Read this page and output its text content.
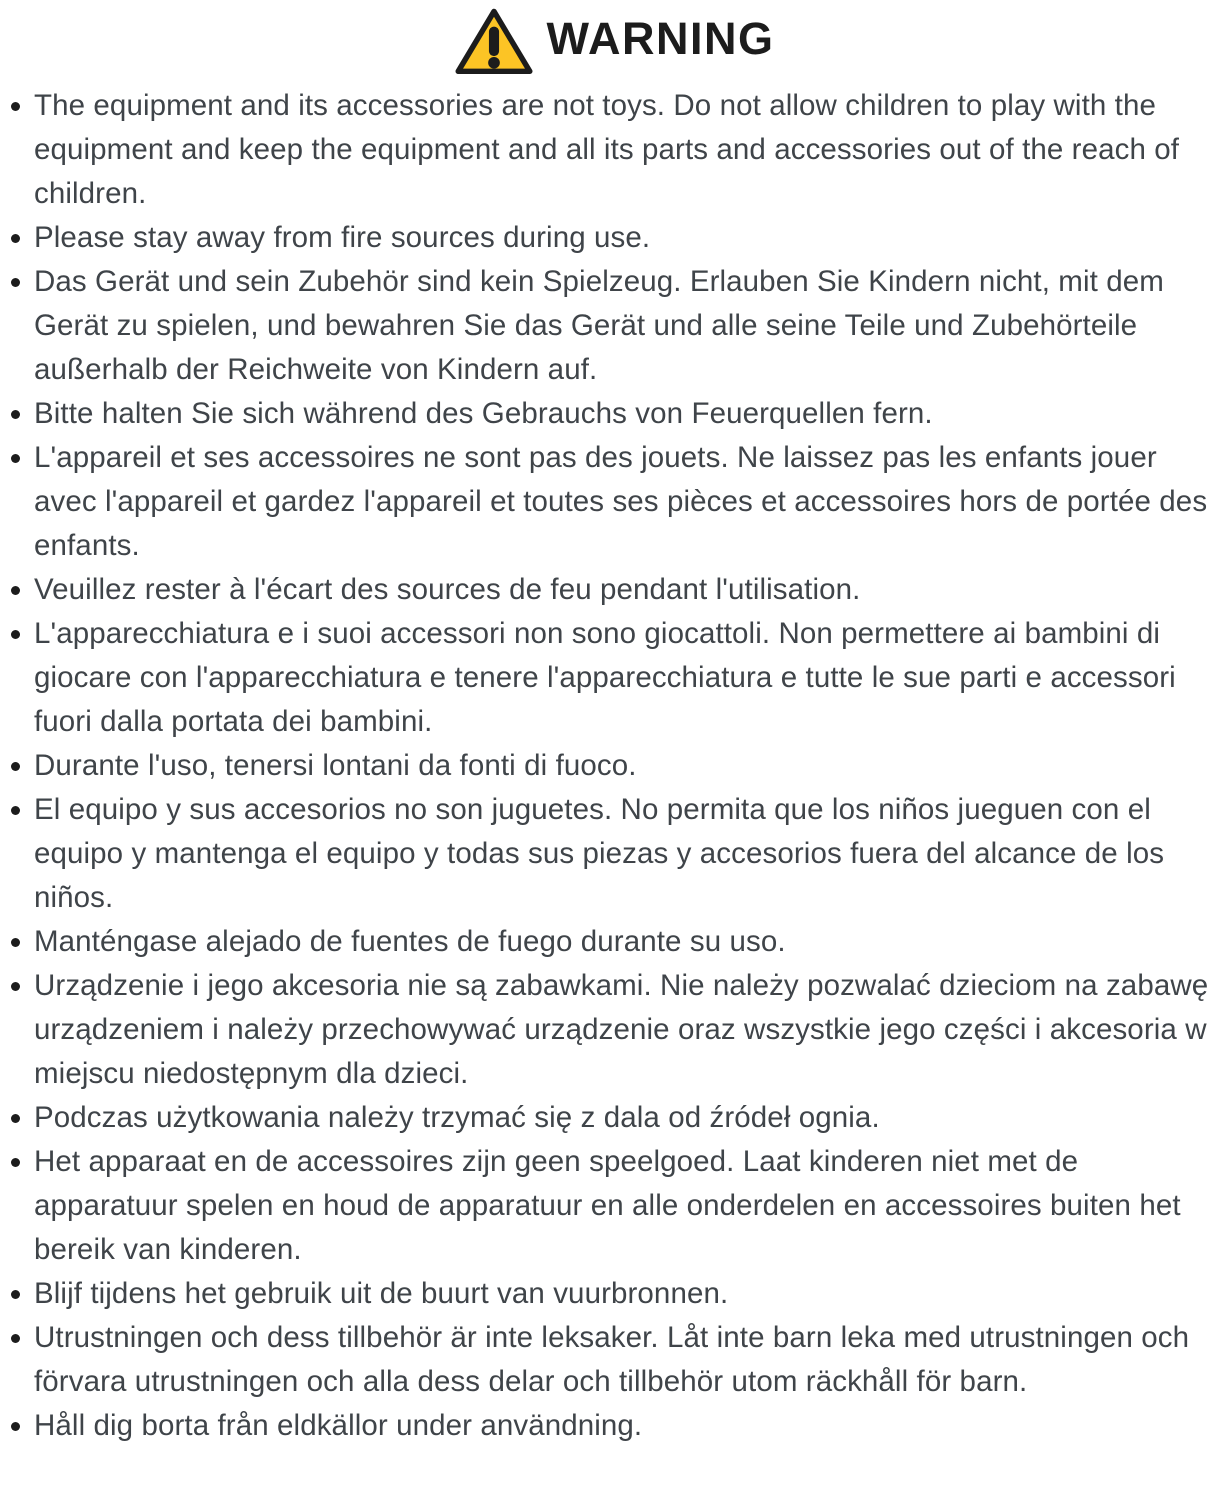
WARNING
The equipment and its accessories are not toys. Do not allow children to play with the equipment and keep the equipment and all its parts and accessories out of the reach of children.
Please stay away from fire sources during use.
Das Gerät und sein Zubehör sind kein Spielzeug. Erlauben Sie Kindern nicht, mit dem Gerät zu spielen, und bewahren Sie das Gerät und alle seine Teile und Zubehörteile außerhalb der Reichweite von Kindern auf.
Bitte halten Sie sich während des Gebrauchs von Feuerquellen fern.
L'appareil et ses accessoires ne sont pas des jouets. Ne laissez pas les enfants jouer avec l'appareil et gardez l'appareil et toutes ses pièces et accessoires hors de portée des enfants.
Veuillez rester à l'écart des sources de feu pendant l'utilisation.
L'apparecchiatura e i suoi accessori non sono giocattoli. Non permettere ai bambini di giocare con l'apparecchiatura e tenere l'apparecchiatura e tutte le sue parti e accessori fuori dalla portata dei bambini.
Durante l'uso, tenersi lontani da fonti di fuoco.
El equipo y sus accesorios no son juguetes. No permita que los niños jueguen con el equipo y mantenga el equipo y todas sus piezas y accesorios fuera del alcance de los niños.
Manténgase alejado de fuentes de fuego durante su uso.
Urządzenie i jego akcesoria nie są zabawkami. Nie należy pozwalać dzieciom na zabawę urządzeniem i należy przechowywać urządzenie oraz wszystkie jego części i akcesoria w miejscu niedostępnym dla dzieci.
Podczas użytkowania należy trzymać się z dala od źródeł ognia.
Het apparaat en de accessoires zijn geen speelgoed. Laat kinderen niet met de apparatuur spelen en houd de apparatuur en alle onderdelen en accessoires buiten het bereik van kinderen.
Blijf tijdens het gebruik uit de buurt van vuurbronnen.
Utrustningen och dess tillbehör är inte leksaker. Låt inte barn leka med utrustningen och förvara utrustningen och alla dess delar och tillbehör utom räckhåll för barn.
Håll dig borta från eldkällor under användning.
